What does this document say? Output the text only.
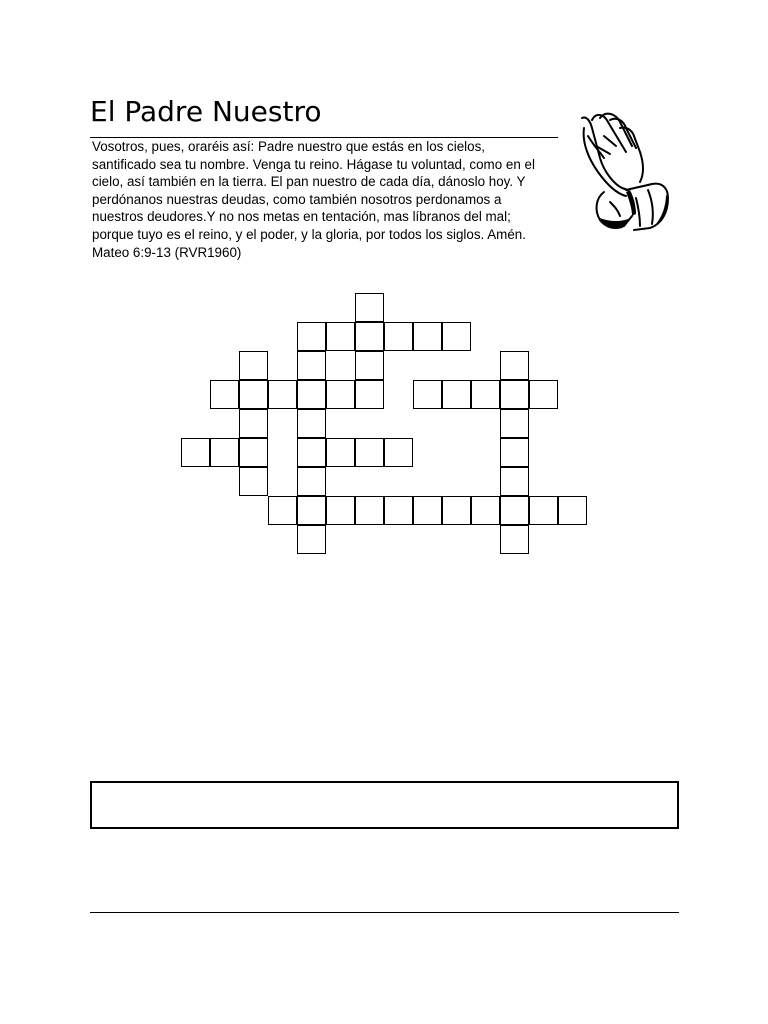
El Padre Nuestro

Vosotros, pues, oraréis así: Padre nuestro que estás en los cielos,
santificado sea tu nombre. Venga tu reino. Hágase tu voluntad, como en el
cielo, así también en la tierra. El pan nuestro de cada día, dánoslo hoy. Y
perdónanos nuestras deudas, como también nosotros perdonamos a
nuestros deudores.Y no nos metas en tentación, mas líbranos del mal;
porque tuyo es el reino, y el poder, y la gloria, por todos los siglos. Amén.
Mateo 6:9-13 (RVR1960)
